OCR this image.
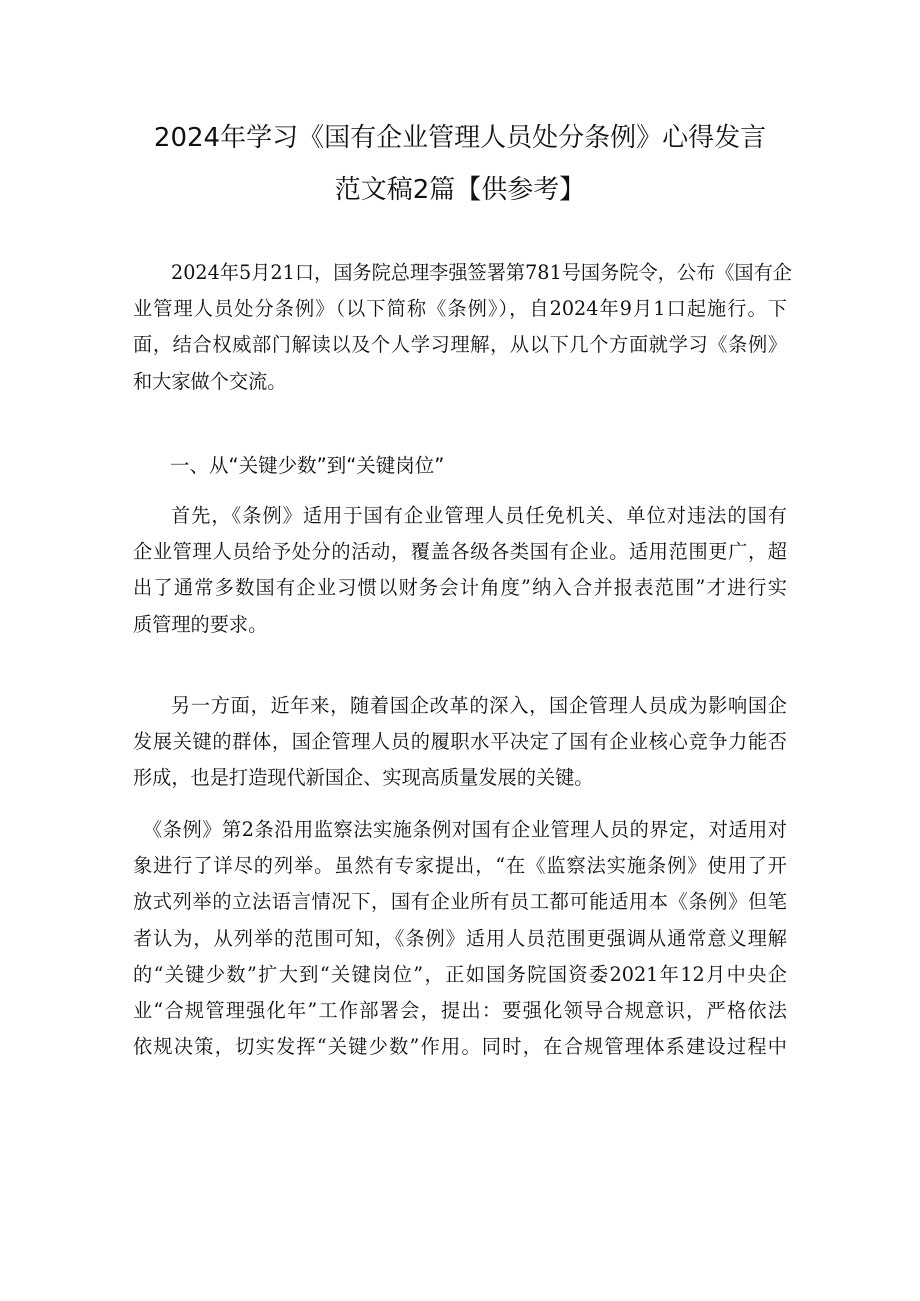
2024年学习《国有企业管理人员处分条例》心得发言
范文稿2篇【供参考】
2024年5月21口，国务院总理李强签署第781号国务院令，公布《国有企
业管理人员处分条例》（以下简称《条例》），自2024年9月1口起施行。下
面，结合权威部门解读以及个人学习理解，从以下几个方面就学习《条例》
和大家做个交流。
一、从“关键少数”到“关键岗位”
首先，《条例》适用于国有企业管理人员任免机关、单位对违法的国有
企业管理人员给予处分的活动，覆盖各级各类国有企业。适用范围更广，超
出了通常多数国有企业习惯以财务会计角度”纳入合并报表范围”才进行实
质管理的要求。
另一方面，近年来，随着国企改革的深入，国企管理人员成为影响国企
发展关键的群体，国企管理人员的履职水平决定了国有企业核心竞争力能否
形成，也是打造现代新国企、实现高质量发展的关键。
《条例》第2条沿用监察法实施条例对国有企业管理人员的界定，对适用对
象进行了详尽的列举。虽然有专家提出，“在《监察法实施条例》使用了开
放式列举的立法语言情况下，国有企业所有员工都可能适用本《条例》但笔
者认为，从列举的范围可知，《条例》适用人员范围更强调从通常意义理解
的“关键少数”扩大到“关键岗位”，正如国务院国资委2021年12月中央企
业“合规管理强化年”工作部署会，提出：要强化领导合规意识，严格依法
依规决策，切实发挥“关键少数”作用。同时，在合规管理体系建设过程中
